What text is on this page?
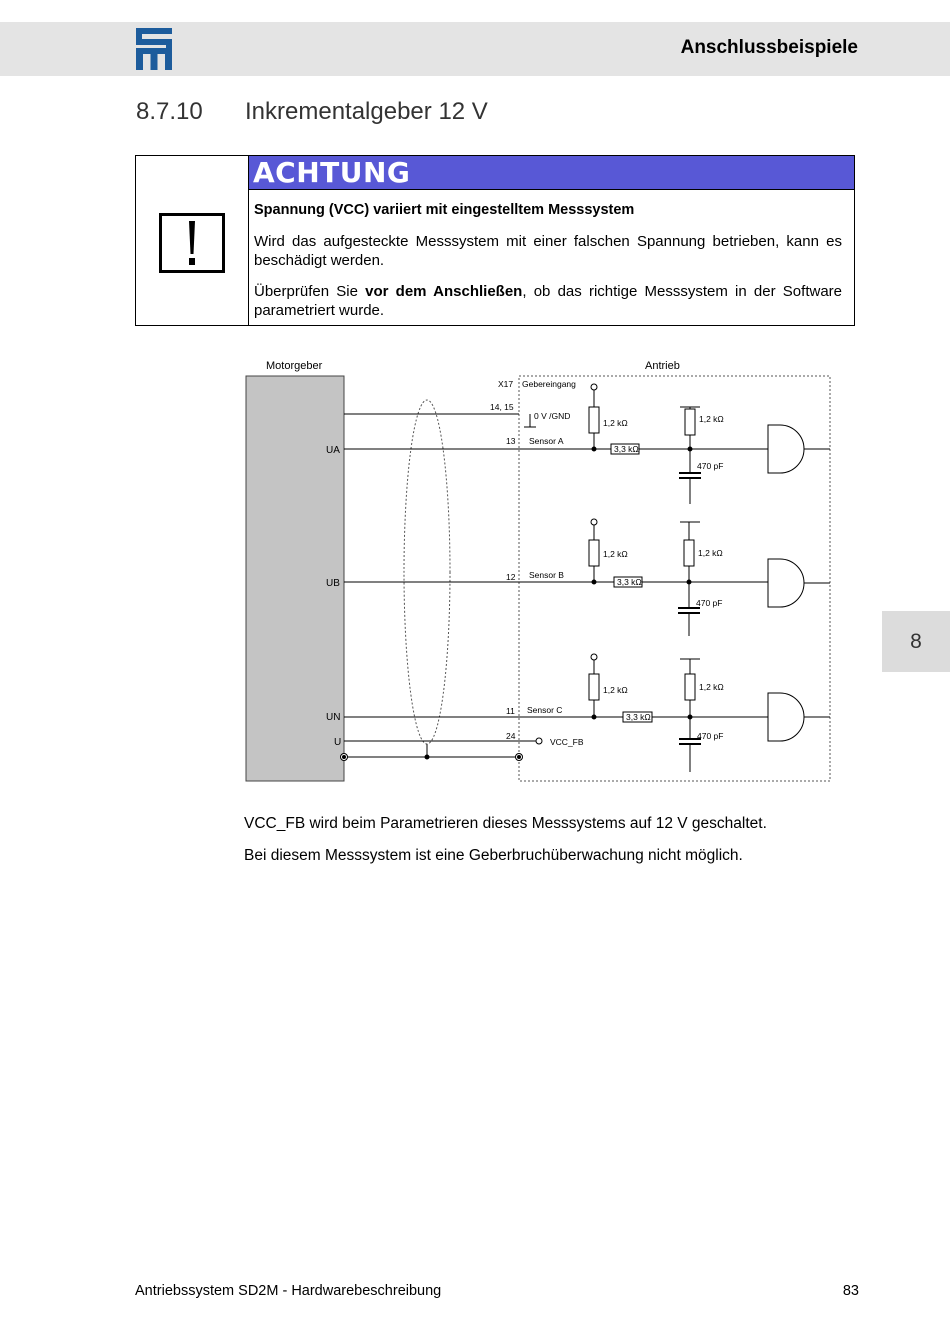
Anschlussbeispiele
8.7.10 Inkrementalgeber 12 V
ACHTUNG

Spannung (VCC) variiert mit eingestelltem Messsystem

Wird das aufgesteckte Messsystem mit einer falschen Spannung betrieben, kann es beschädigt werden.

Überprüfen Sie vor dem Anschließen, ob das richtige Messsystem in der Software parametriert wurde.

Motorgeber	Antrieb
X17 Gebereingang
14, 15
0 V /GND
UA
13 Sensor A
1,2 kΩ
3,3 kΩ
1,2 kΩ
470 pF
UB
12 Sensor B
1,2 kΩ
3,3 kΩ
1,2 kΩ
470 pF
UN
11 Sensor C
1,2 kΩ
3,3 kΩ
1,2 kΩ
470 pF
U
24
VCC_FB
VCC_FB wird beim Parametrieren dieses Messsystems auf 12 V geschaltet.
Bei diesem Messsystem ist eine Geberbruchüberwachung nicht möglich.
8
Antriebssystem SD2M - Hardwarebeschreibung	83
